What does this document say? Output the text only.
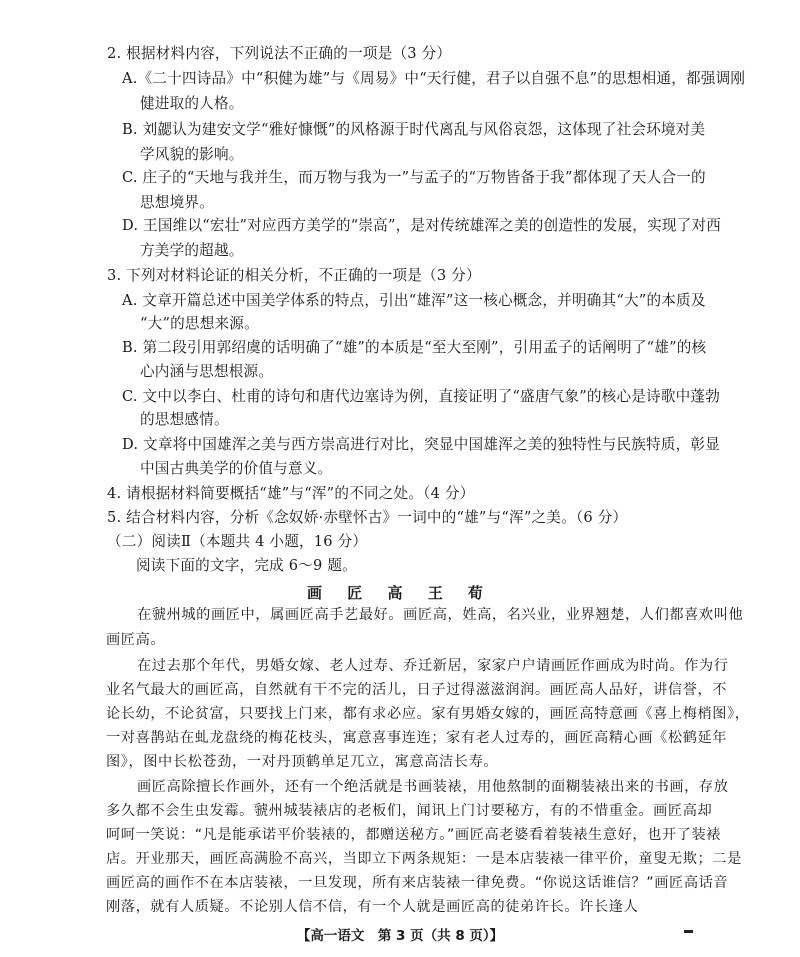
2. 根据材料内容，下列说法不正确的一项是（3 分）
A.《二十四诗品》中“积健为雄”与《周易》中“天行健，君子以自强不息”的思想相通，都强调刚
健进取的人格。
B. 刘勰认为建安文学“雅好慷慨”的风格源于时代离乱与风俗哀怨，这体现了社会环境对美
学风貌的影响。
C. 庄子的“天地与我并生，而万物与我为一”与孟子的“万物皆备于我”都体现了天人合一的
思想境界。
D. 王国维以“宏壮”对应西方美学的“崇高”，是对传统雄浑之美的创造性的发展，实现了对西
方美学的超越。
3. 下列对材料论证的相关分析，不正确的一项是（3 分）
A. 文章开篇总述中国美学体系的特点，引出“雄浑”这一核心概念，并明确其“大”的本质及
“大”的思想来源。
B. 第二段引用郭绍虞的话明确了“雄”的本质是“至大至刚”，引用孟子的话阐明了“雄”的核
心内涵与思想根源。
C. 文中以李白、杜甫的诗句和唐代边塞诗为例，直接证明了“盛唐气象”的核心是诗歌中蓬勃
的思想感情。
D. 文章将中国雄浑之美与西方崇高进行对比，突显中国雄浑之美的独特性与民族特质，彰显
中国古典美学的价值与意义。
4. 请根据材料简要概括“雄”与“浑”的不同之处。（4 分）
5. 结合材料内容，分析《念奴娇·赤壁怀古》一词中的“雄”与“浑”之美。（6 分）
（二）阅读Ⅱ（本题共 4 小题，16 分）
阅读下面的文字，完成 6～9 题。
画 匠 高 王 荀
在虢州城的画匠中，属画匠高手艺最好。画匠高，姓高，名兴业，业界翘楚，人们都喜欢叫他
画匠高。
在过去那个年代，男婚女嫁、老人过寿、乔迁新居，家家户户请画匠作画成为时尚。作为行
业名气最大的画匠高，自然就有干不完的活儿，日子过得滋滋润润。画匠高人品好，讲信誉，不
论长幼，不论贫富，只要找上门来，都有求必应。家有男婚女嫁的，画匠高特意画《喜上梅梢图》，
一对喜鹊站在虬龙盘绕的梅花枝头，寓意喜事连连；家有老人过寿的，画匠高精心画《松鹤延年
图》，图中长松苍劲，一对丹顶鹤单足兀立，寓意高洁长寿。
画匠高除擅长作画外，还有一个绝活就是书画装裱，用他熬制的面糊装裱出来的书画，存放
多久都不会生虫发霉。虢州城装裱店的老板们，闻讯上门讨要秘方，有的不惜重金。画匠高却
呵呵一笑说：“凡是能承诺平价装裱的，都赠送秘方。”画匠高老婆看着装裱生意好，也开了装裱
店。开业那天，画匠高满脸不高兴，当即立下两条规矩：一是本店装裱一律平价，童叟无欺；二是
画匠高的画作不在本店装裱，一旦发现，所有来店装裱一律免费。“你说这话谁信？”画匠高话音
刚落，就有人质疑。不论别人信不信，有一个人就是画匠高的徒弟许长。许长逢人
【高一语文　第 3 页（共 8 页）】
